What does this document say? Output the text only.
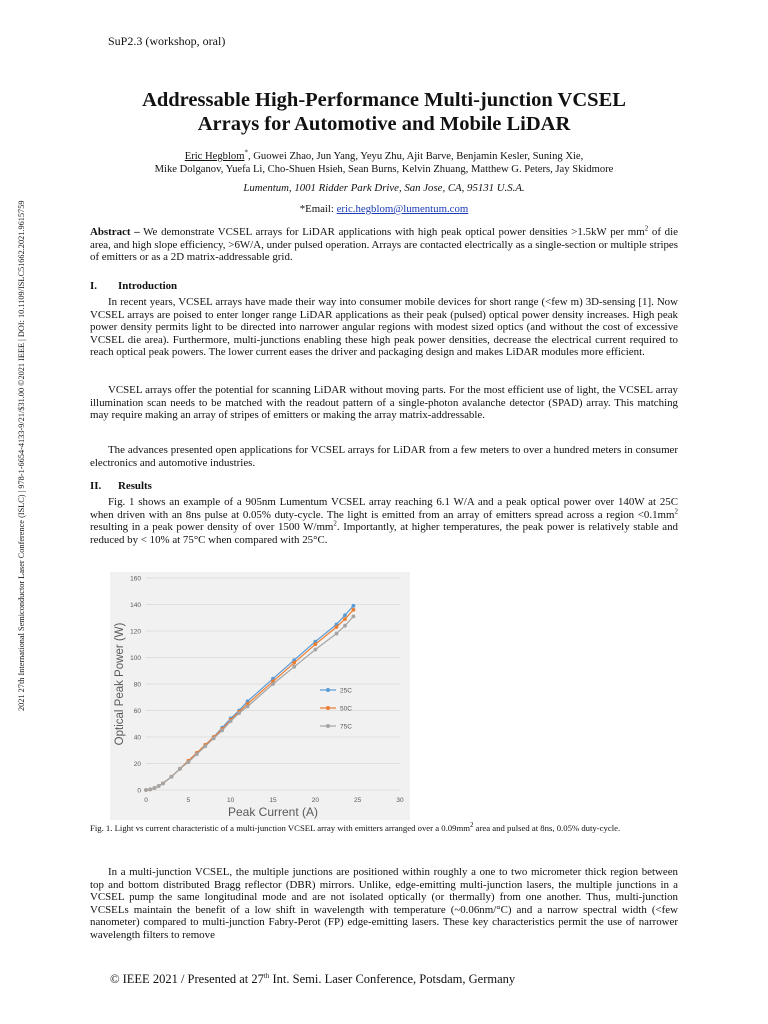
SuP2.3 (workshop, oral)
2021 27th International Semiconductor Laser Conference (ISLC) | 978-1-6654-4133-9/21/$31.00 ©2021 IEEE | DOI: 10.1109/ISLC51662.2021.9615759
Addressable High-Performance Multi-junction VCSEL
Arrays for Automotive and Mobile LiDAR
Eric Hegblom*, Guowei Zhao, Jun Yang, Yeyu Zhu, Ajit Barve, Benjamin Kesler, Suning Xie,
Mike Dolganov, Yuefa Li, Cho-Shuen Hsieh, Sean Burns, Kelvin Zhuang, Matthew G. Peters, Jay Skidmore
Lumentum, 1001 Ridder Park Drive, San Jose, CA, 95131 U.S.A.
*Email: eric.hegblom@lumentum.com
Abstract – We demonstrate VCSEL arrays for LiDAR applications with high peak optical power densities >1.5kW per $mm^2$ of die area, and high slope efficiency, >6W/A, under pulsed operation. Arrays are contacted electrically as a single-section or multiple stripes of emitters or as a 2D matrix-addressable grid.
I. Introduction
In recent years, VCSEL arrays have made their way into consumer mobile devices for short range (<few m) 3D-sensing [1]. Now VCSEL arrays are poised to enter longer range LiDAR applications as their peak (pulsed) optical power density increases. High peak power density permits light to be directed into narrower angular regions with modest sized optics (and without the cost of excessive VCSEL die area). Furthermore, multi-junctions enabling these high peak power densities, decrease the electrical current required to reach optical peak powers. The lower current eases the driver and packaging design and makes LiDAR modules more efficient.
VCSEL arrays offer the potential for scanning LiDAR without moving parts. For the most efficient use of light, the VCSEL array illumination scan needs to be matched with the readout pattern of a single-photon avalanche detector (SPAD) array. This matching may require making an array of stripes of emitters or making the array matrix-addressable.
The advances presented open applications for VCSEL arrays for LiDAR from a few meters to over a hundred meters in consumer electronics and automotive industries.
II. Results
Fig. 1 shows an example of a 905nm Lumentum VCSEL array reaching 6.1 W/A and a peak optical power over 140W at 25C when driven with an 8ns pulse at 0.05% duty-cycle. The light is emitted from an array of emitters spread across a region $<0.1mm^2$ resulting in a peak power density of over 1500 $W/mm^2$. Importantly, at higher temperatures, the peak power is relatively stable and reduced by < 10% at 75°C when compared with 25°C.
0
20
40
60
80
100
120
140
160
0	5	10	15	20	25	30
Peak Current (A)
Optical Peak Power (W)	25C
50C
75C
Fig. 1. Light vs current characteristic of a multi-junction VCSEL array with emitters arranged over a $0.09mm^2$ area and pulsed at 8ns, 0.05% duty-cycle.
In a multi-junction VCSEL, the multiple junctions are positioned within roughly a one to two micrometer thick region between top and bottom distributed Bragg reflector (DBR) mirrors. Unlike, edge-emitting multi-junction lasers, the multiple junctions in a VCSEL pump the same longitudinal mode and are not isolated optically (or thermally) from one another. Thus, multi-junction VCSELs maintain the benefit of a low shift in wavelength with temperature (~0.06nm/°C) and a narrow spectral width (<few nanometer) compared to multi-junction Fabry-Perot (FP) edge-emitting lasers. These key characteristics permit the use of narrower wavelength filters to remove
© IEEE 2021 / Presented at 27th Int. Semi. Laser Conference, Potsdam, Germany
